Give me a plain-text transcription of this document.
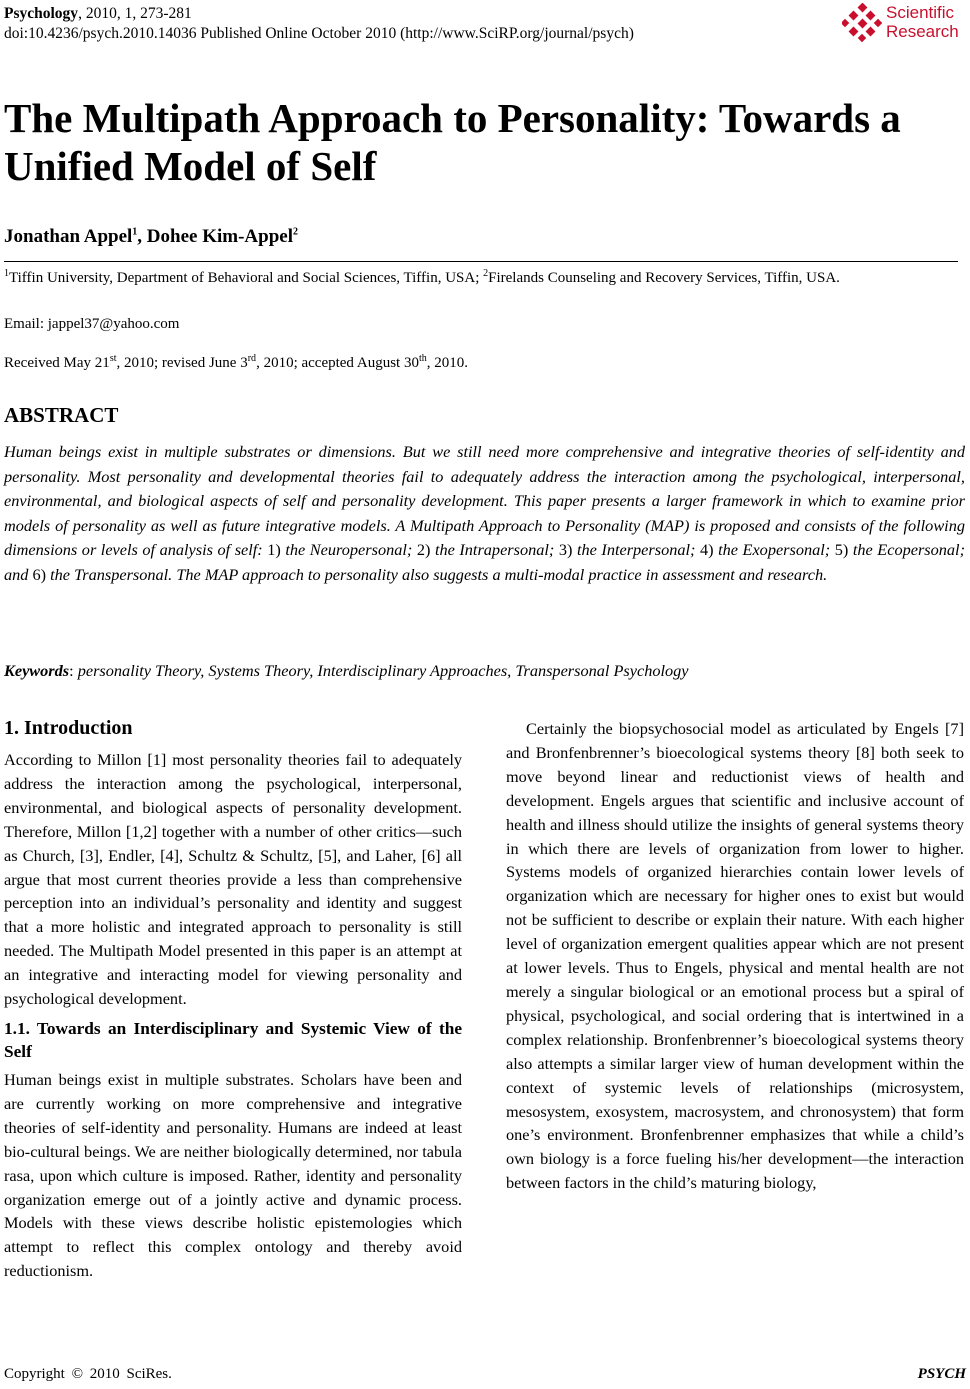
Psychology, 2010, 1, 273-281
doi:10.4236/psych.2010.14036 Published Online October 2010 (http://www.SciRP.org/journal/psych)
Scientific
Research
The Multipath Approach to Personality: Towards a Unified Model of Self
Jonathan Appel$^1$, Dohee Kim-Appel$^2$
$^1$Tiffin University, Department of Behavioral and Social Sciences, Tiffin, USA; $^2$Firelands Counseling and Recovery Services, Tiffin, USA.
Email: jappel37@yahoo.com
Received May 21st, 2010; revised June 3rd, 2010; accepted August 30th, 2010.
ABSTRACT
Human beings exist in multiple substrates or dimensions. But we still need more comprehensive and integrative theories of self-identity and personality. Most personality and developmental theories fail to adequately address the interaction among the psychological, interpersonal, environmental, and biological aspects of self and personality development. This paper presents a larger framework in which to examine prior models of personality as well as future integrative models. A Multipath Approach to Personality (MAP) is proposed and consists of the following dimensions or levels of analysis of self: 1) the Neuropersonal; 2) the Intrapersonal; 3) the Interpersonal; 4) the Exopersonal; 5) the Ecopersonal; and 6) the Transpersonal. The MAP approach to personality also suggests a multi-modal practice in assessment and research.
Keywords: personality Theory, Systems Theory, Interdisciplinary Approaches, Transpersonal Psychology
1. Introduction

According to Millon [1] most personality theories fail to adequately address the interaction among the psychological, interpersonal, environmental, and biological aspects of personality development. Therefore, Millon [1,2] together with a number of other critics—such as Church, [3], Endler, [4], Schultz & Schultz, [5], and Laher, [6] all argue that most current theories provide a less than comprehensive perception into an individual’s personality and identity and suggest that a more holistic and integrated approach to personality is still needed. The Multipath Model presented in this paper is an attempt at an integrative and interacting model for viewing personality and psychological development.

1.1. Towards an Interdisciplinary and Systemic View of the Self

Human beings exist in multiple substrates. Scholars have been and are currently working on more comprehensive and integrative theories of self-identity and personality. Humans are indeed at least bio-cultural beings. We are neither biologically determined, nor tabula rasa, upon which culture is imposed. Rather, identity and personality organization emerge out of a jointly active and dynamic process. Models with these views describe holistic epistemologies which attempt to reflect this complex ontology and thereby avoid reductionism.

Certainly the biopsychosocial model as articulated by Engels [7] and Bronfenbrenner’s bioecological systems theory [8] both seek to move beyond linear and reductionist views of health and development. Engels argues that scientific and inclusive account of health and illness should utilize the insights of general systems theory in which there are levels of organization from lower to higher. Systems models of organized hierarchies contain lower levels of organization which are necessary for higher ones to exist but would not be sufficient to describe or explain their nature. With each higher level of organization emergent qualities appear which are not present at lower levels. Thus to Engels, physical and mental health are not merely a singular biological or an emotional process but a spiral of physical, psychological, and social ordering that is intertwined in a complex relationship. Bronfenbrenner’s bioecological systems theory also attempts a similar larger view of human development within the context of systemic levels of relationships (microsystem, mesosystem, exosystem, macrosystem, and chronosystem) that form one’s environment. Bronfenbrenner emphasizes that while a child’s own biology is a force fueling his/her development—the interaction between factors in the child’s maturing biology,

Copyright © 2010 SciRes.	PSYCH
